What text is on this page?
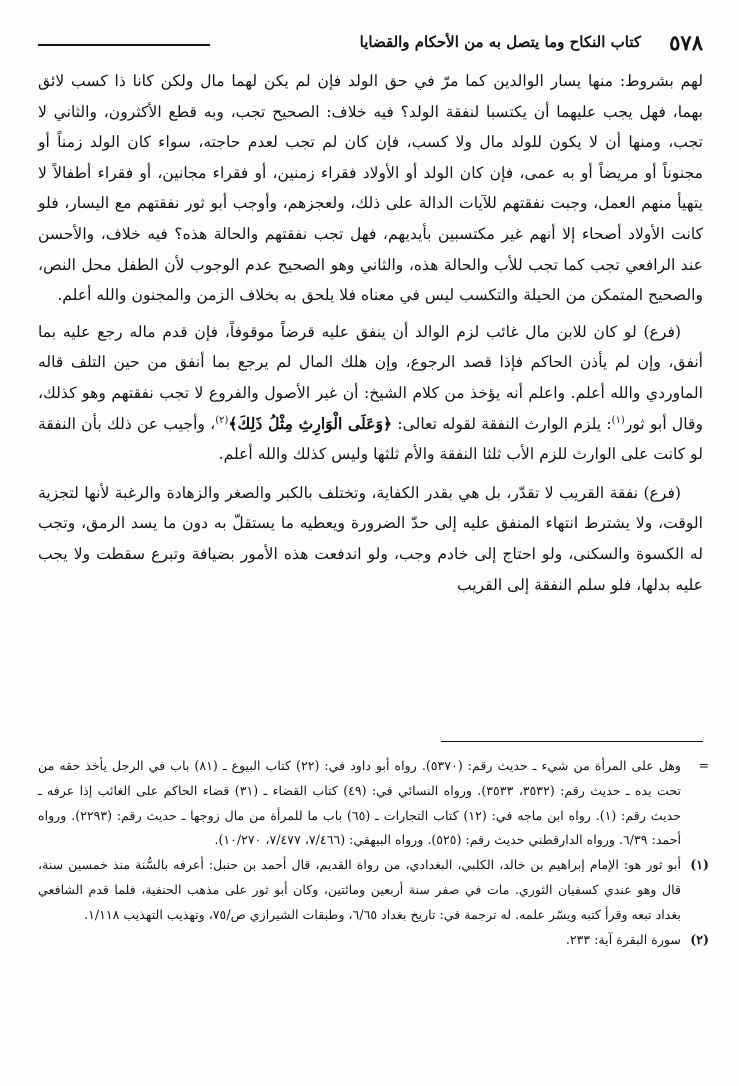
٥٧٨
كتاب النكاح وما يتصل به من الأحكام والقضايا

لهم بشروط: منها يسار الوالدين كما مرّ في حق الولد فإن لم يكن لهما مال ولكن كانا ذا كسب لائق بهما، فهل يجب عليهما أن يكتسبا لنفقة الولد؟ فيه خلاف: الصحيح تجب، وبه قطع الأكثرون، والثاني لا تجب، ومنها أن لا يكون للولد مال ولا كسب، فإن كان لم تجب لعدم حاجته، سواء كان الولد زمناً أو مجنوناً أو مريضاً أو به عمى، فإن كان الولد أو الأولاد فقراء زمنين، أو فقراء مجانين، أو فقراء أطفالاً لا يتهيأ منهم العمل، وجبت نفقتهم للآيات الدالة على ذلك، ولعجزهم، وأوجب أبو ثور نفقتهم مع اليسار، فلو كانت الأولاد أصحاء إلا أنهم غير مكتسبين بأيديهم، فهل تجب نفقتهم والحالة هذه؟ فيه خلاف، والأحسن عند الرافعي تجب كما تجب للأب والحالة هذه، والثاني وهو الصحيح عدم الوجوب لأن الطفل محل النص، والصحيح المتمكن من الحيلة والتكسب ليس في معناه فلا يلحق به بخلاف الزمن والمجنون والله أعلم.

(فرع) لو كان للابن مال غائب لزم الوالد أن ينفق عليه قرضاً موقوفاً، فإن قدم ماله رجع عليه بما أنفق، وإن لم يأذن الحاكم فإذا قصد الرجوع، وإن هلك المال لم يرجع بما أنفق من حين التلف قاله الماوردي والله أعلم. واعلم أنه يؤخذ من كلام الشيخ: أن غير الأصول والفروع لا تجب نفقتهم وهو كذلك، وقال أبو ثور$^{(١)}$: يلزم الوارث النفقة لقوله تعالى: ﴿وَعَلَى الْوَارِثِ مِثْلُ ذَلِكَ﴾$^{(٢)}$، وأجيب عن ذلك بأن النفقة لو كانت على الوارث للزم الأب ثلثا النفقة والأم ثلثها وليس كذلك والله أعلم.

(فرع) نفقة القريب لا تقدّر، بل هي بقدر الكفاية، وتختلف بالكبر والصغر والزهادة والرغبة لأنها لتجزية الوقت، ولا يشترط انتهاء المنفق عليه إلى حدّ الضرورة ويعطيه ما يستقلّ به دون ما يسد الرمق، وتجب له الكسوة والسكنى، ولو احتاج إلى خادم وجب، ولو اندفعت هذه الأمور بضيافة وتبرع سقطت ولا يجب عليه بدلها، فلو سلم النفقة إلى القريب

=
وهل على المرأة من شيء ـ حديث رقم: (٥٣٧٠). رواه أبو داود في: (٢٢) كتاب البيوع ـ (٨١) باب في الرجل يأخذ حقه من تحت يده ـ حديث رقم: (٣٥٣٢، ٣٥٣٣). ورواه النسائي في: (٤٩) كتاب القضاء ـ (٣١) قضاء الحاكم على الغائب إذا عرفه ـ حديث رقم: (١). رواه ابن ماجه في: (١٢) كتاب التجارات ـ (٦٥) باب ما للمرأة من مال زوجها ـ حديث رقم: (٢٢٩٣). ورواه أحمد: ٦/٣٩. ورواه الدارقطني حديث رقم: (٥٢٥). ورواه البيهقي: (٧/٤٦٦، ٧/٤٧٧، ١٠/٢٧٠).

(١)
أبو ثور هو: الإمام إبراهيم بن خالد، الكلبي، البغدادي، من رواة القديم، قال أحمد بن حنبل: أعرفه بالسُّنة منذ خمسين سنة، قال وهو عندي كسفيان الثوري. مات في صفر سنة أربعين ومائتين، وكان أبو ثور على مذهب الحنفية، فلما قدم الشافعي بغداد تبعه وقرأ كتبه ويسّر علمه. له ترجمة في: تاريخ بغداد ٦/٦٥، وطبقات الشيرازي ص/٧٥، وتهذيب التهذيب ١/١١٨.

(٢)
سورة البقرة آية: ٢٣٣.
